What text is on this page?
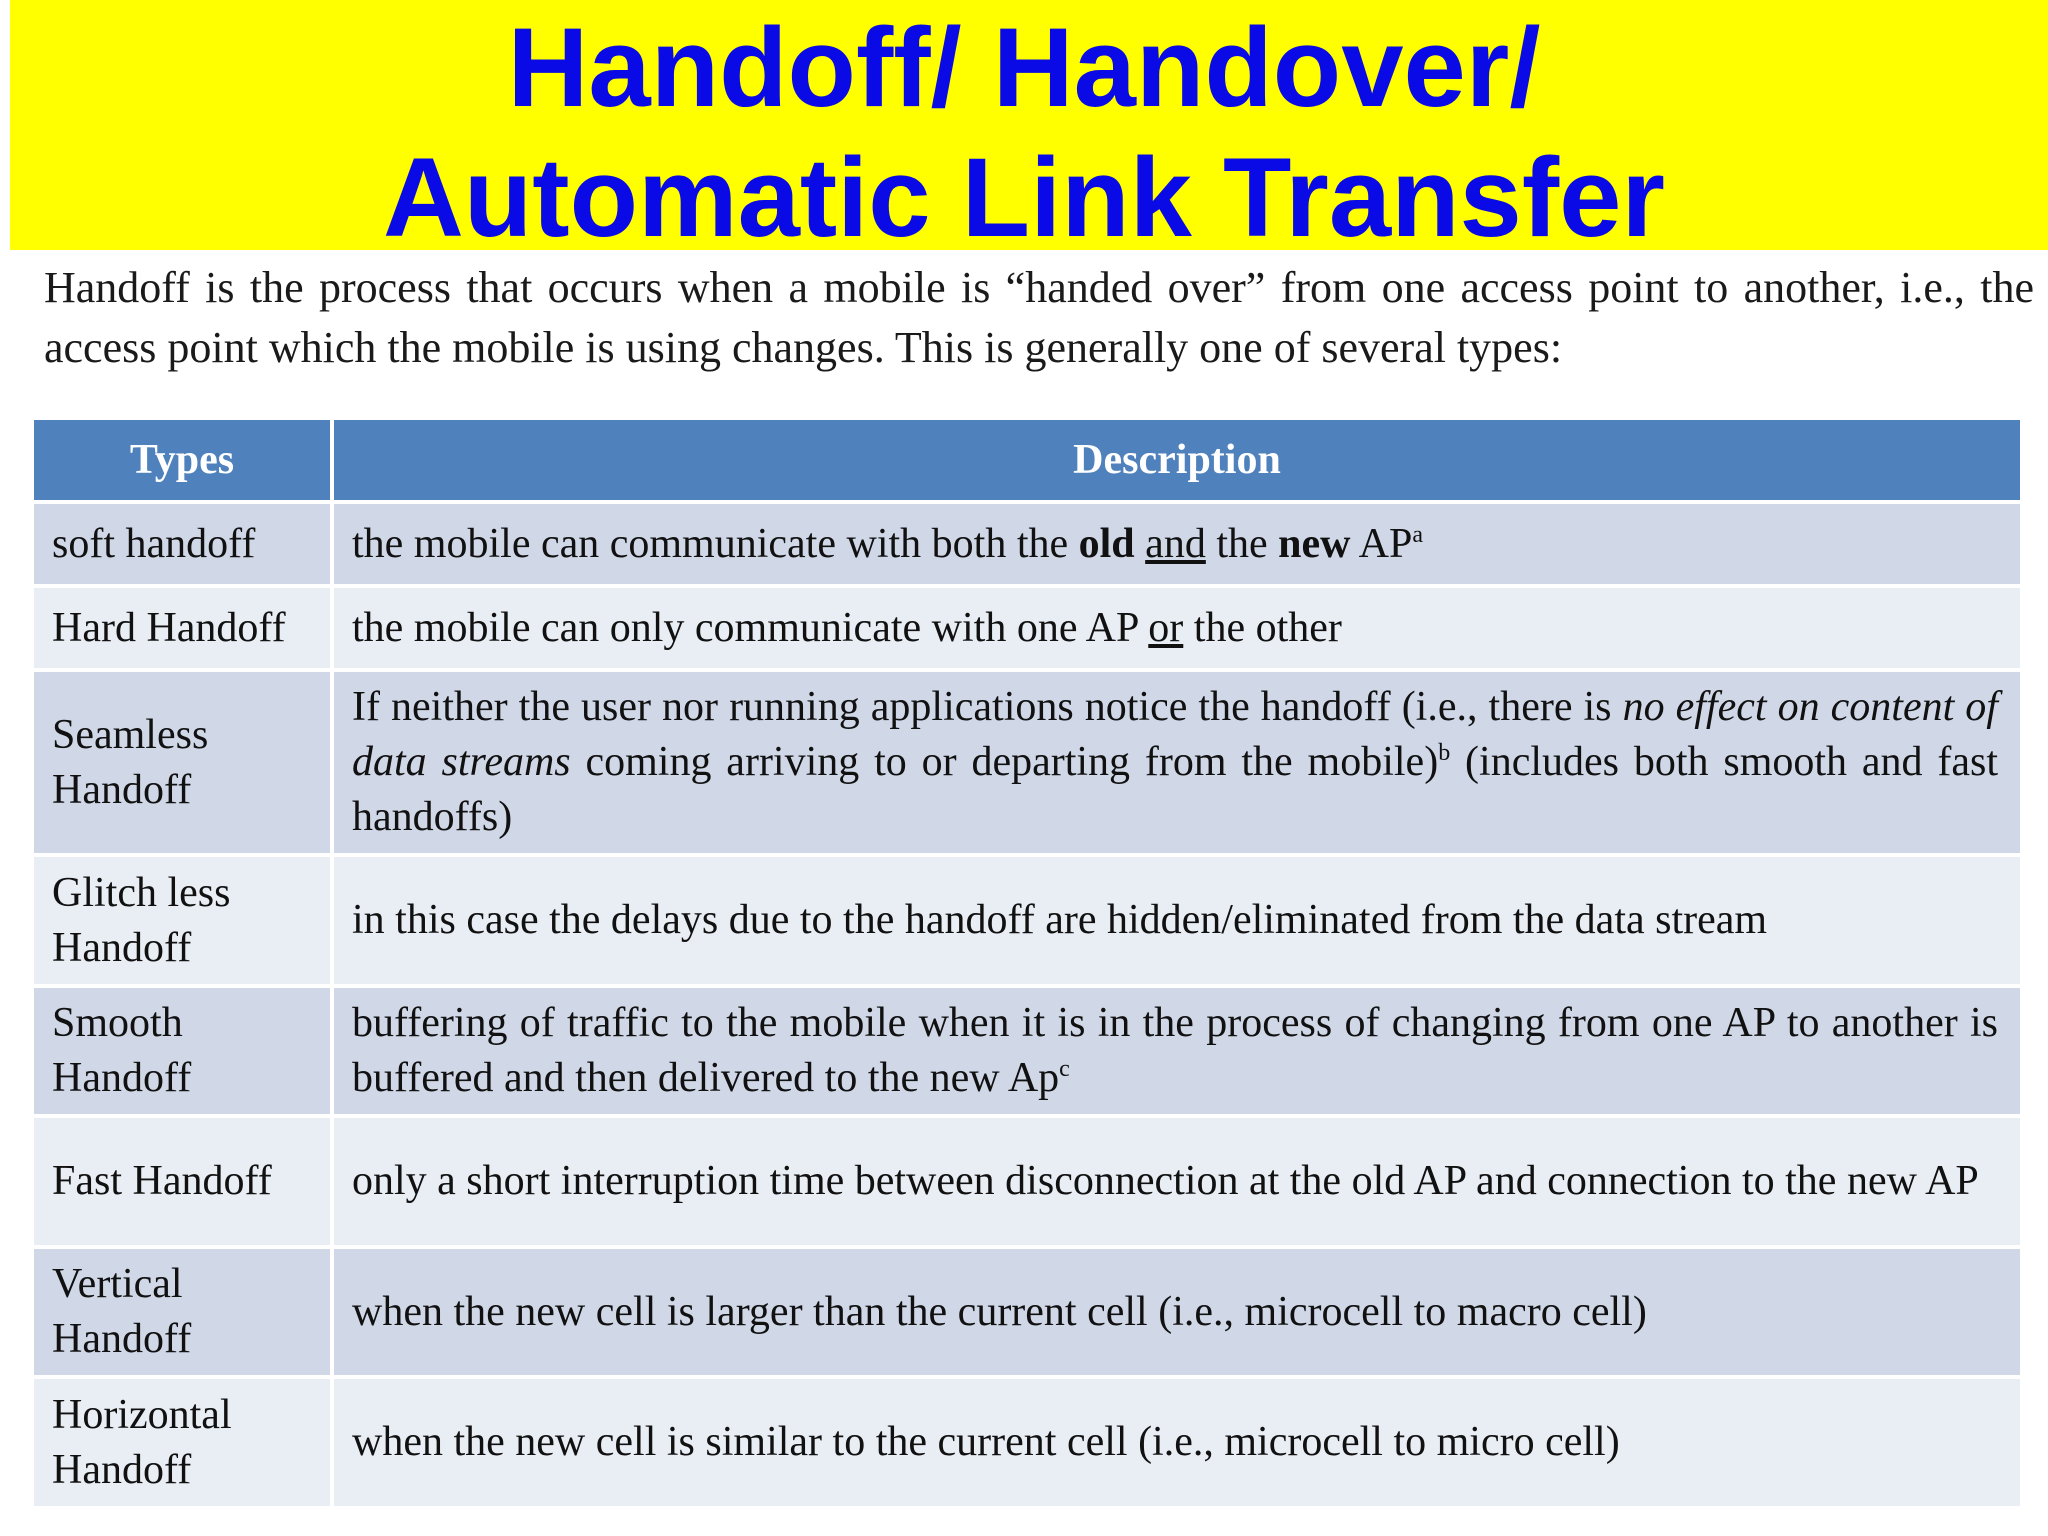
Handoff/ Handover/
Automatic Link Transfer
Handoff is the process that occurs when a mobile is “handed over” from one access point to another, i.e., the access point which the mobile is using changes. This is generally one of several types:
Types	Description
soft handoff	the mobile can communicate with both the old and the new $AP^a$
Hard Handoff	the mobile can only communicate with one AP or the other
Seamless Handoff	If neither the user nor running applications notice the handoff (i.e., there is no effect on content of data streams coming arriving to or departing from the mobile)$^b$ (includes both smooth and fast handoffs)
Glitch less Handoff	in this case the delays due to the handoff are hidden/eliminated from the data stream
Smooth Handoff	buffering of traffic to the mobile when it is in the process of changing from one AP to another is buffered and then delivered to the new Ap$^c$
Fast Handoff	only a short interruption time between disconnection at the old AP and connection to the new AP
Vertical Handoff	when the new cell is larger than the current cell (i.e., microcell to macro cell)
Horizontal Handoff	when the new cell is similar to the current cell (i.e., microcell to micro cell)
